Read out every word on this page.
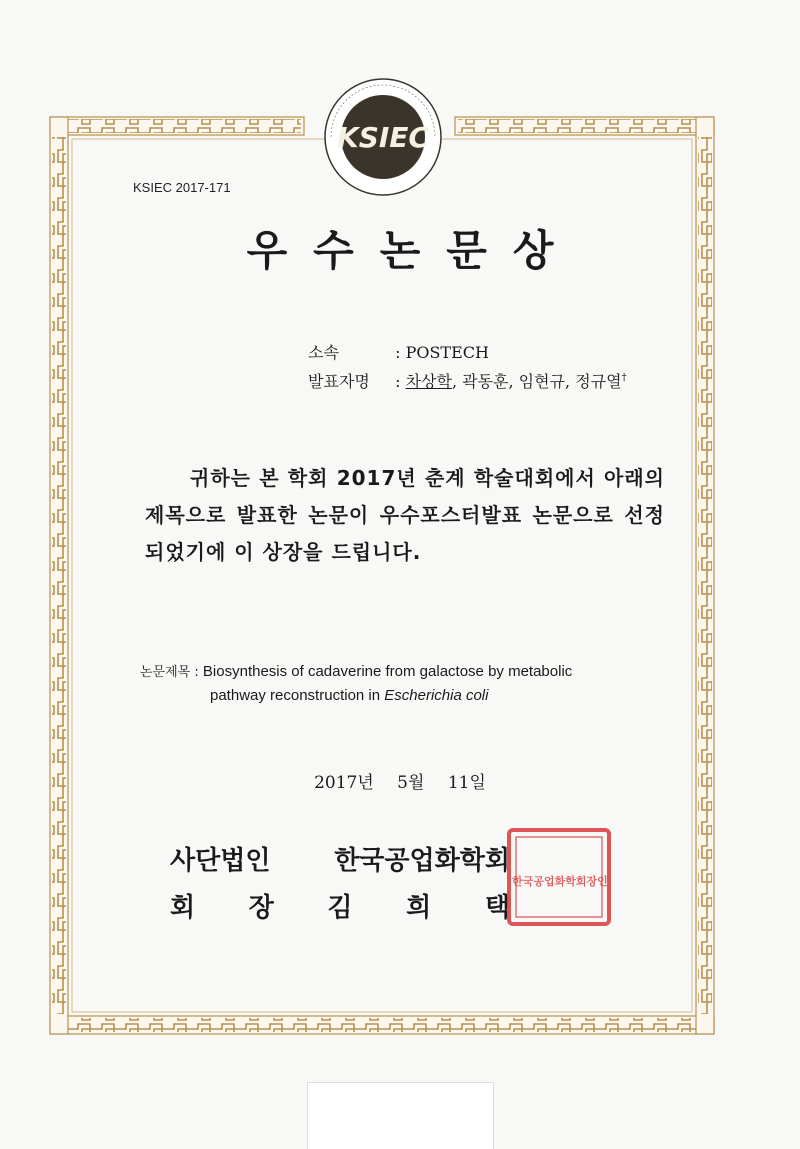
KSIEC
KSIEC 2017-171
우수논문상
소속	: POSTECH
발표자명 : 차상학, 곽동훈, 임현규, 정규열†

귀하는 본 학회 2017년 춘계 학술대회에서 아래의 제목으로 발표한 논문이 우수포스터발표 논문으로 선정되었기에 이 상장을 드립니다.

논문제목 : Biosynthesis of cadaverine from galactose by metabolic
pathway reconstruction in Escherichia coli
2017년 5월 11일
사단법인 한국공업화학회
회 장 김 희 택
한국공업화학회장인
